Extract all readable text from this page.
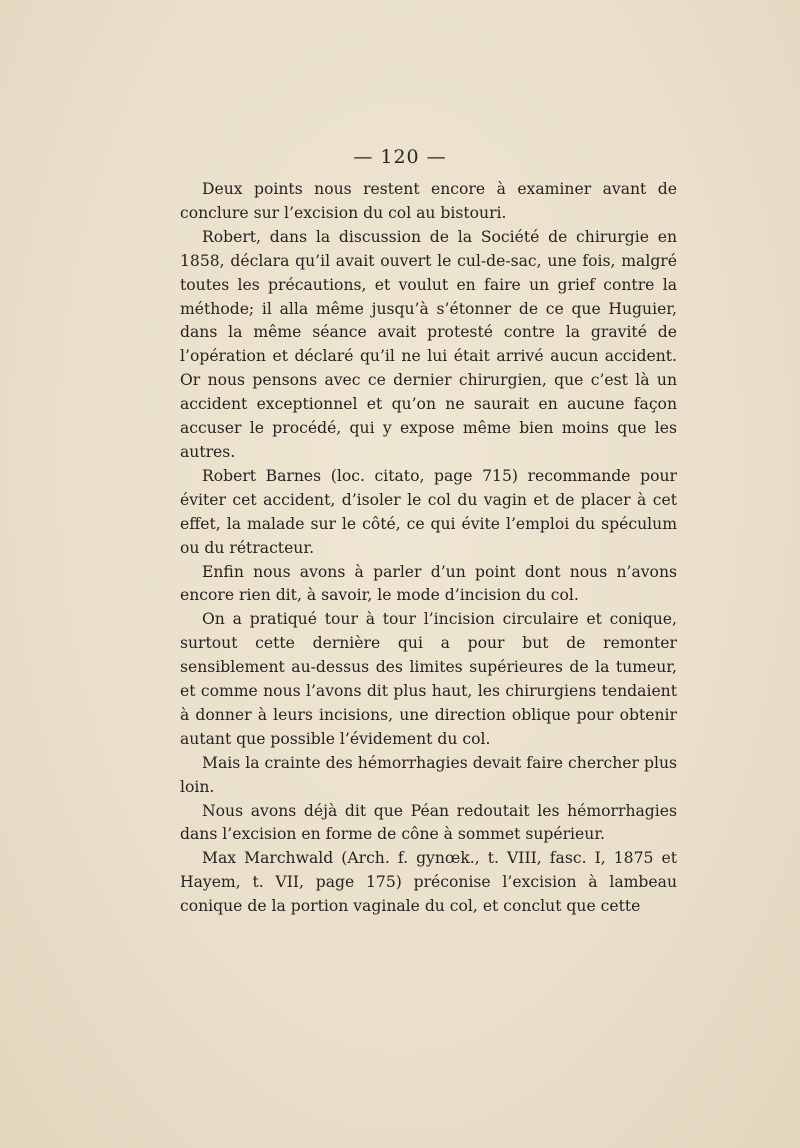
— 120 —

Deux points nous restent encore à examiner avant de conclure sur l’excision du col au bistouri.

Robert, dans la discussion de la Société de chirurgie en 1858, déclara qu’il avait ouvert le cul-de-sac, une fois, malgré toutes les précautions, et voulut en faire un grief contre la méthode; il alla même jusqu’à s’étonner de ce que Huguier, dans la même séance avait protesté contre la gravité de l’opération et déclaré qu’il ne lui était arrivé aucun accident. Or nous pensons avec ce dernier chirurgien, que c’est là un accident exceptionnel et qu’on ne saurait en aucune façon accuser le procédé, qui y expose même bien moins que les autres.

Robert Barnes (loc. citato, page 715) recommande pour éviter cet accident, d’isoler le col du vagin et de placer à cet effet, la malade sur le côté, ce qui évite l’emploi du spéculum ou du rétracteur.

Enfin nous avons à parler d’un point dont nous n’avons encore rien dit, à savoir, le mode d’incision du col.

On a pratiqué tour à tour l’incision circulaire et conique, surtout cette dernière qui a pour but de remonter sensiblement au-dessus des limites supérieures de la tumeur, et comme nous l’avons dit plus haut, les chirurgiens tendaient à donner à leurs incisions, une direction oblique pour obtenir autant que possible l’évidement du col.

Mais la crainte des hémorrhagies devait faire chercher plus loin.

Nous avons déjà dit que Péan redoutait les hémorrhagies dans l’excision en forme de cône à sommet supérieur.

Max Marchwald (Arch. f. gynœk., t. VIII, fasc. I, 1875 et Hayem, t. VII, page 175) préconise l’excision à lambeau conique de la portion vaginale du col, et conclut que cette
